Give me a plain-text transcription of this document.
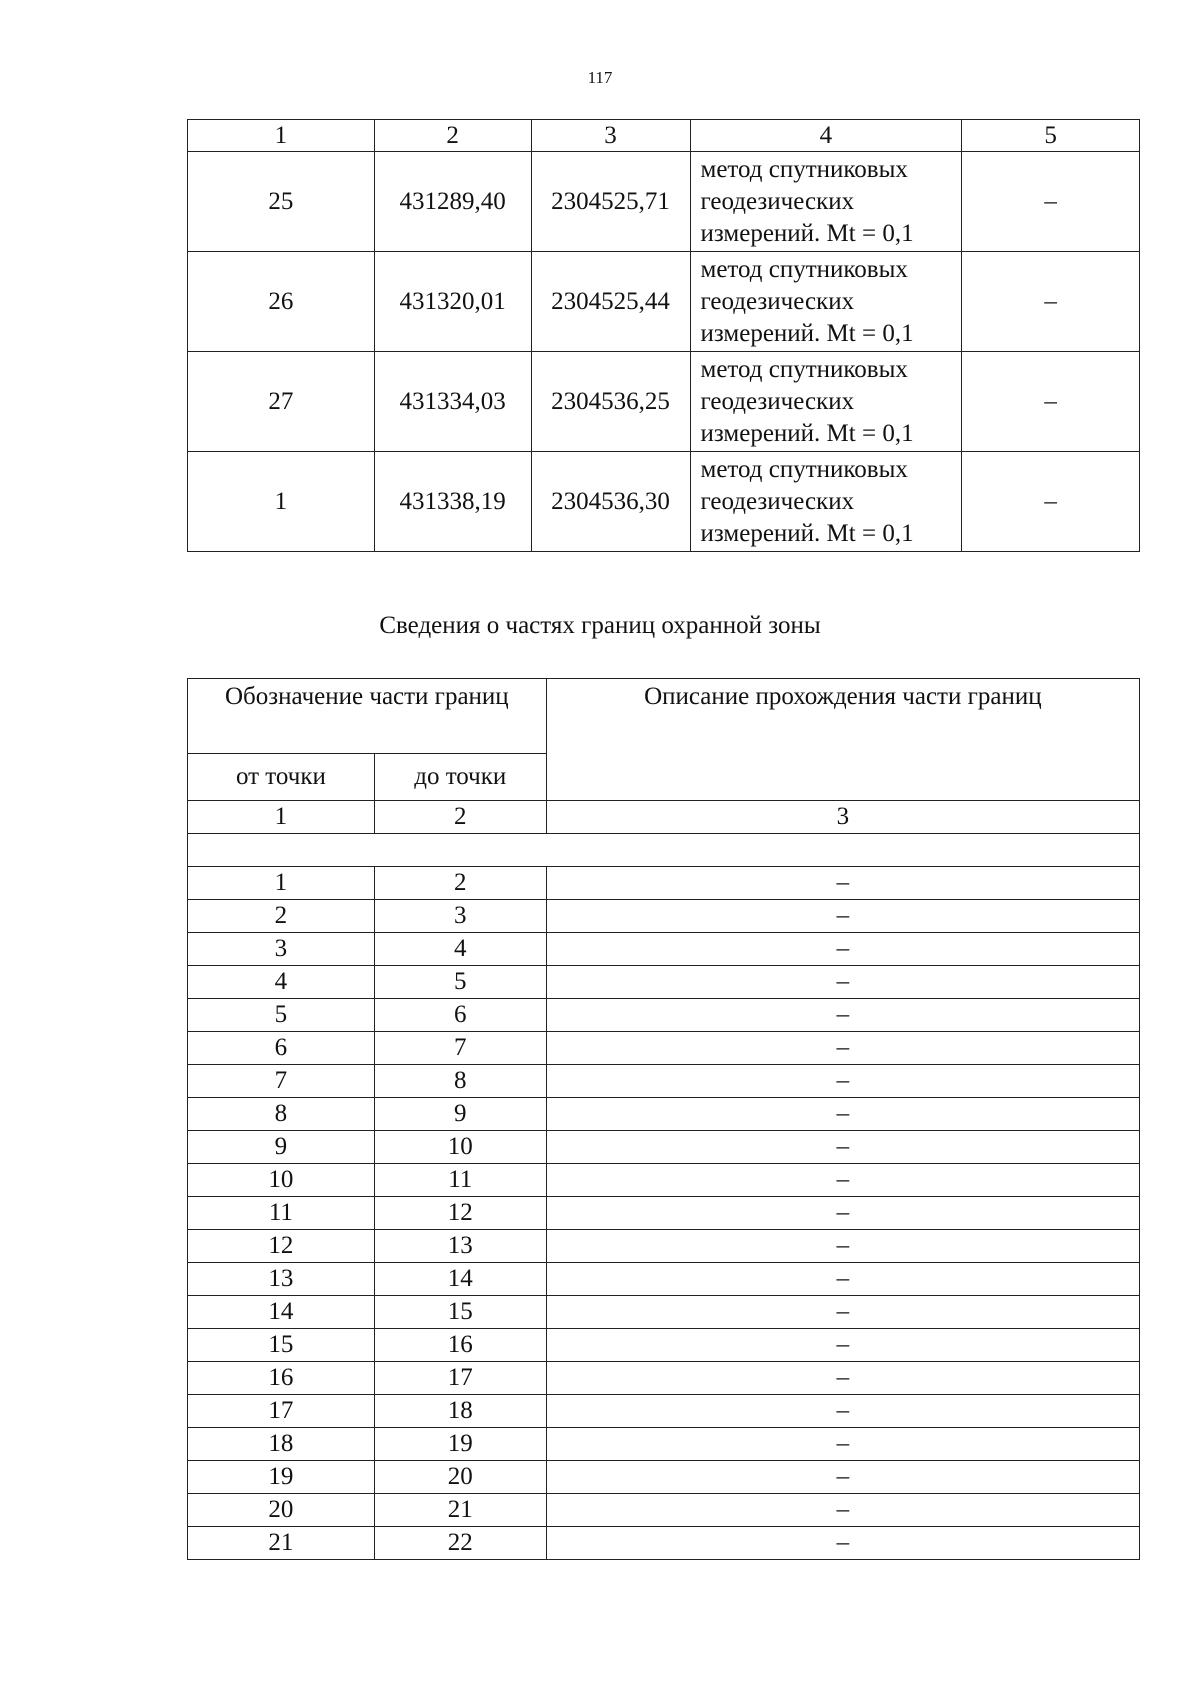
117
1	2	3	4	5
25	431289,40	2304525,71	метод спутниковых
геодезических
измерений. Mt = 0,1	–
26	431320,01	2304525,44	метод спутниковых
геодезических
измерений. Mt = 0,1	–
27	431334,03	2304536,25	метод спутниковых
геодезических
измерений. Mt = 0,1	–
1	431338,19	2304536,30	метод спутниковых
геодезических
измерений. Mt = 0,1	–
Сведения о частях границ охранной зоны
Обозначение части границ		Описание прохождения части границ
от точки	до точки	
1	2	3

1	2	–
2	3	–
3	4	–
4	5	–
5	6	–
6	7	–
7	8	–
8	9	–
9	10	–
10	11	–
11	12	–
12	13	–
13	14	–
14	15	–
15	16	–
16	17	–
17	18	–
18	19	–
19	20	–
20	21	–
21	22	–
